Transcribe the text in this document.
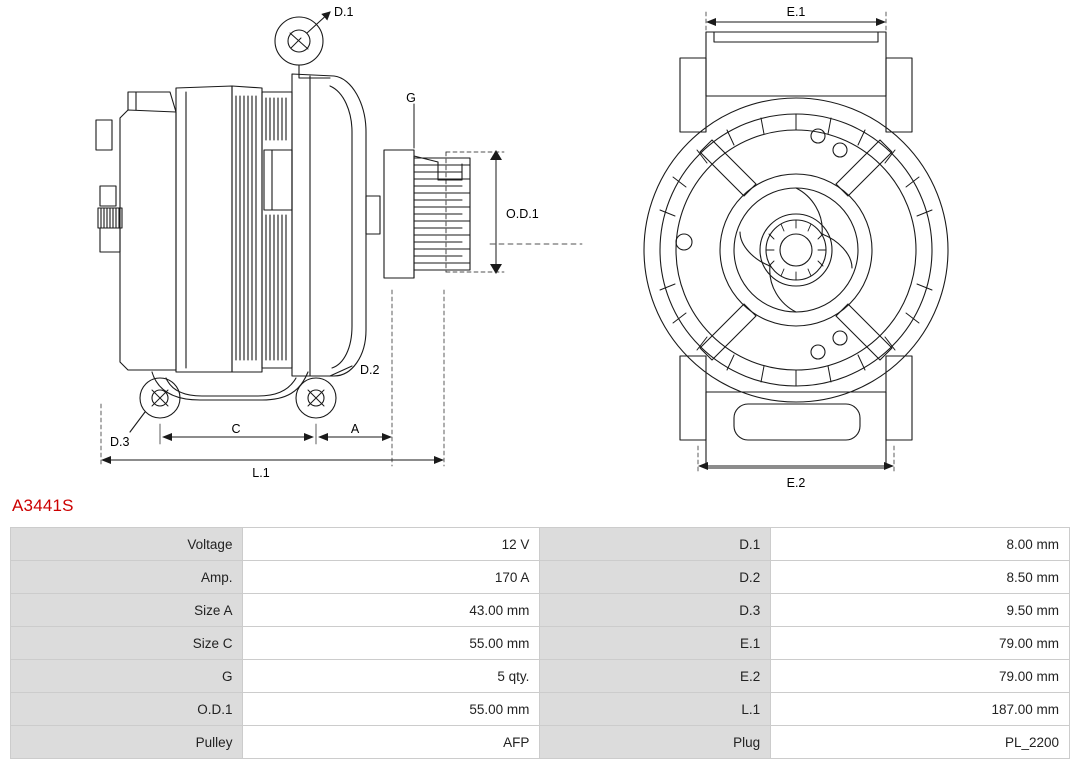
D.1
D.2
D.3
G
O.D.1
C	A
L.1
E.1
E.2
A3441S
Voltage	12 V	D.1	8.00 mm
Amp.	170 A	D.2	8.50 mm
Size A	43.00 mm	D.3	9.50 mm
Size C	55.00 mm	E.1	79.00 mm
G	5 qty.	E.2	79.00 mm
O.D.1	55.00 mm	L.1	187.00 mm
Pulley	AFP	Plug	PL_2200
